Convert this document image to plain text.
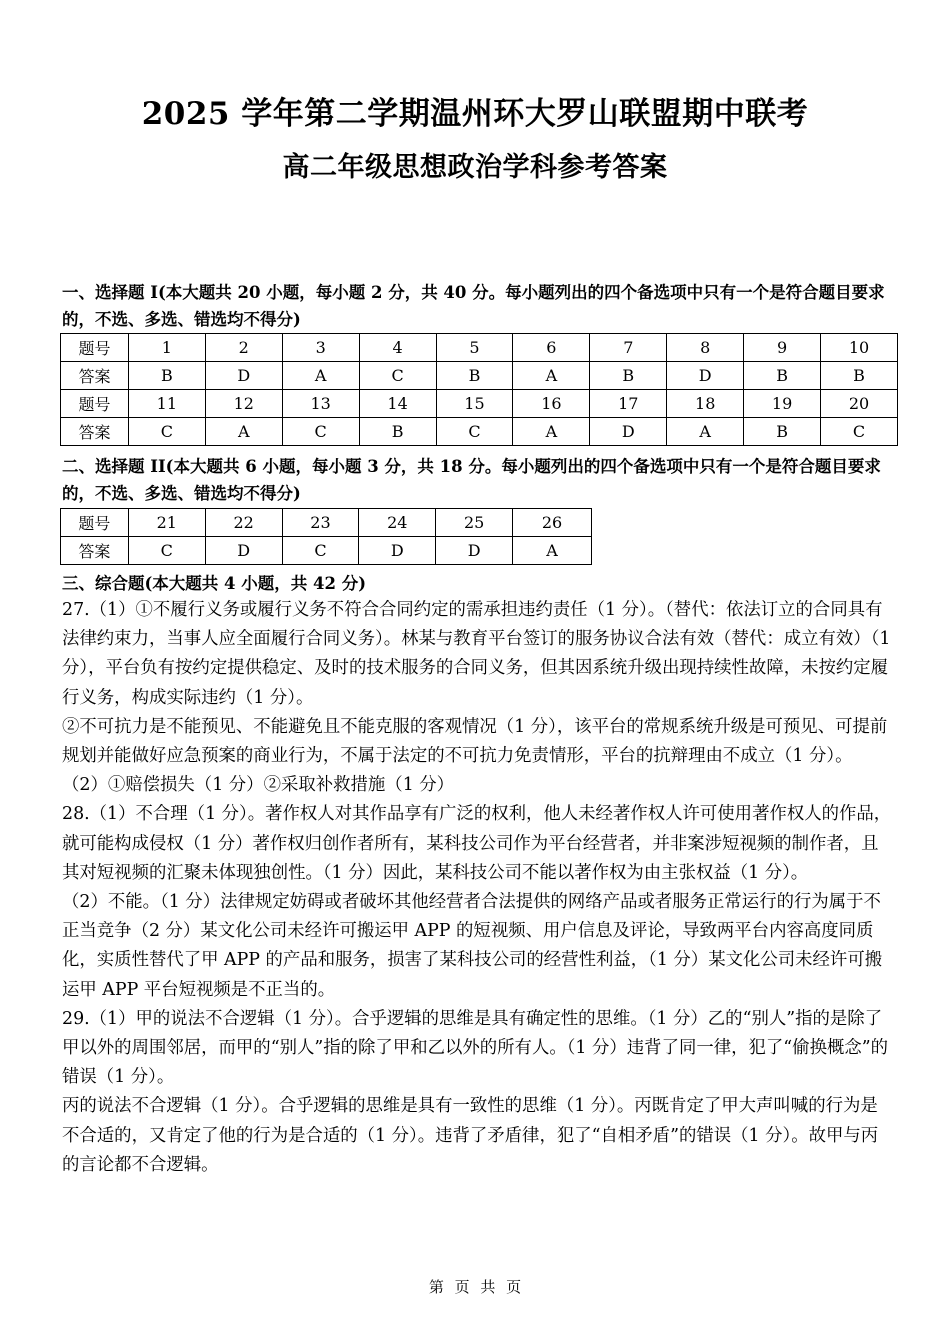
2025 学年第二学期温州环大罗山联盟期中联考
高二年级思想政治学科参考答案
一、选择题 I(本大题共 20 小题，每小题 2 分，共 40 分。每小题列出的四个备选项中只有一个是符合题目要求的，不选、多选、错选均不得分)
题号	1	2	3	4	5	6	7	8	9	10
答案	B	D	A	C	B	A	B	D	B	B
题号	11	12	13	14	15	16	17	18	19	20
答案	C	A	C	B	C	A	D	A	B	C
二、选择题 II(本大题共 6 小题，每小题 3 分，共 18 分。每小题列出的四个备选项中只有一个是符合题目要求的，不选、多选、错选均不得分)
题号	21	22	23	24	25	26
答案	C	D	C	D	D	A
三、综合题(本大题共 4 小题，共 42 分)

27.（1）①不履行义务或履行义务不符合合同约定的需承担违约责任（1 分）。（替代：依法订立的合同具有法律约束力，当事人应全面履行合同义务）。林某与教育平台签订的服务协议合法有效（替代：成立有效）（1 分），平台负有按约定提供稳定、及时的技术服务的合同义务，但其因系统升级出现持续性故障，未按约定履行义务，构成实际违约（1 分）。

②不可抗力是不能预见、不能避免且不能克服的客观情况（1 分），该平台的常规系统升级是可预见、可提前规划并能做好应急预案的商业行为，不属于法定的不可抗力免责情形，平台的抗辩理由不成立（1 分）。

（2）①赔偿损失（1 分）②采取补救措施（1 分）

28.（1）不合理（1 分）。著作权人对其作品享有广泛的权利，他人未经著作权人许可使用著作权人的作品，就可能构成侵权（1 分）著作权归创作者所有，某科技公司作为平台经营者，并非案涉短视频的制作者，且其对短视频的汇聚未体现独创性。（1 分）因此，某科技公司不能以著作权为由主张权益（1 分）。

（2）不能。（1 分）法律规定妨碍或者破坏其他经营者合法提供的网络产品或者服务正常运行的行为属于不正当竞争（2 分）某文化公司未经许可搬运甲 APP 的短视频、用户信息及评论，导致两平台内容高度同质化，实质性替代了甲 APP 的产品和服务，损害了某科技公司的经营性利益，（1 分）某文化公司未经许可搬运甲 APP 平台短视频是不正当的。

29.（1）甲的说法不合逻辑（1 分）。合乎逻辑的思维是具有确定性的思维。（1 分）乙的“别人”指的是除了甲以外的周围邻居，而甲的“别人”指的除了甲和乙以外的所有人。（1 分）违背了同一律，犯了“偷换概念”的错误（1 分）。

丙的说法不合逻辑（1 分）。合乎逻辑的思维是具有一致性的思维（1 分）。丙既肯定了甲大声叫喊的行为是不合适的，又肯定了他的行为是合适的（1 分）。违背了矛盾律，犯了“自相矛盾”的错误（1 分）。故甲与丙的言论都不合逻辑。

第 页 共 页
